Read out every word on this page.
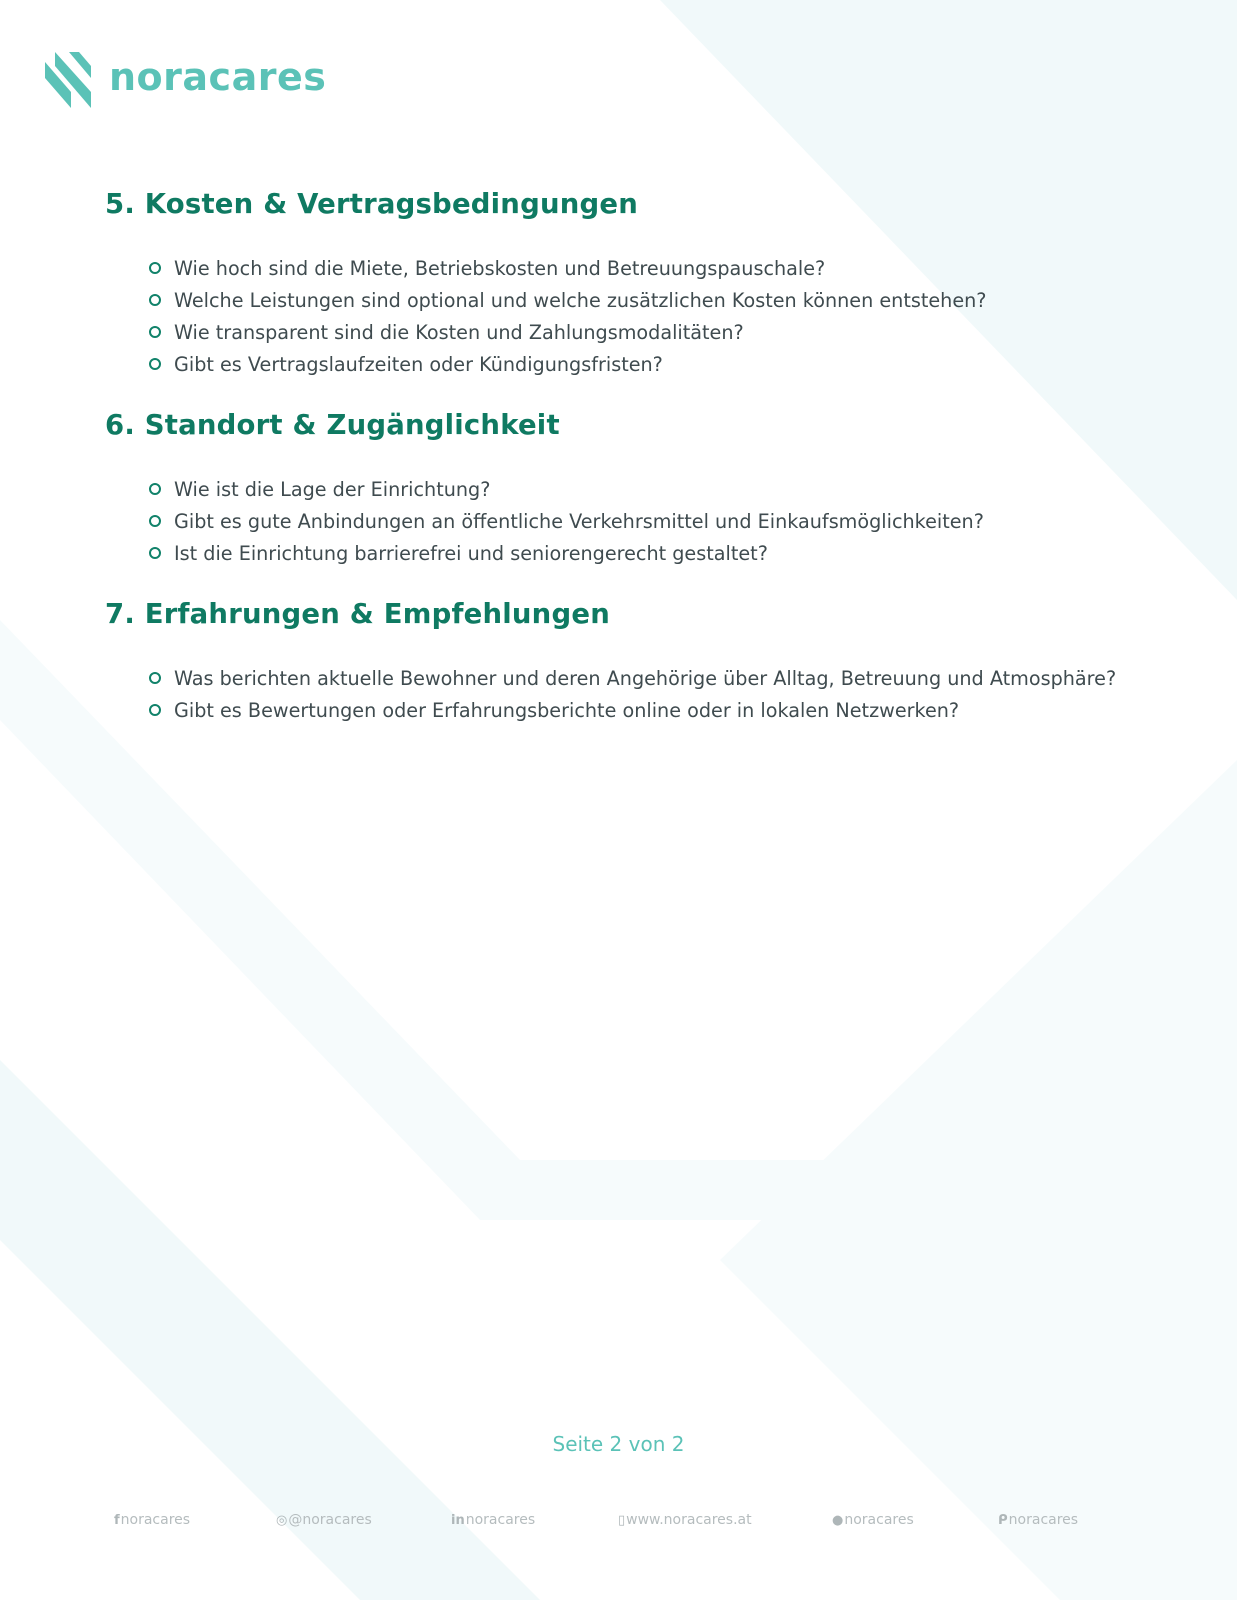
noracares
5. Kosten & Vertragsbedingungen
Wie hoch sind die Miete, Betriebskosten und Betreuungspauschale?
Welche Leistungen sind optional und welche zusätzlichen Kosten können entstehen?
Wie transparent sind die Kosten und Zahlungsmodalitäten?
Gibt es Vertragslaufzeiten oder Kündigungsfristen?
6. Standort & Zugänglichkeit
Wie ist die Lage der Einrichtung?
Gibt es gute Anbindungen an öffentliche Verkehrsmittel und Einkaufsmöglichkeiten?
Ist die Einrichtung barrierefrei und seniorengerecht gestaltet?
7. Erfahrungen & Empfehlungen
Was berichten aktuelle Bewohner und deren Angehörige über Alltag, Betreuung und Atmosphäre?
Gibt es Bewertungen oder Erfahrungsberichte online oder in lokalen Netzwerken?
Seite 2 von 2
f noracares	◎ @noracares	in noracares	▯ www.noracares.at	● noracares	ᑭ noracares
